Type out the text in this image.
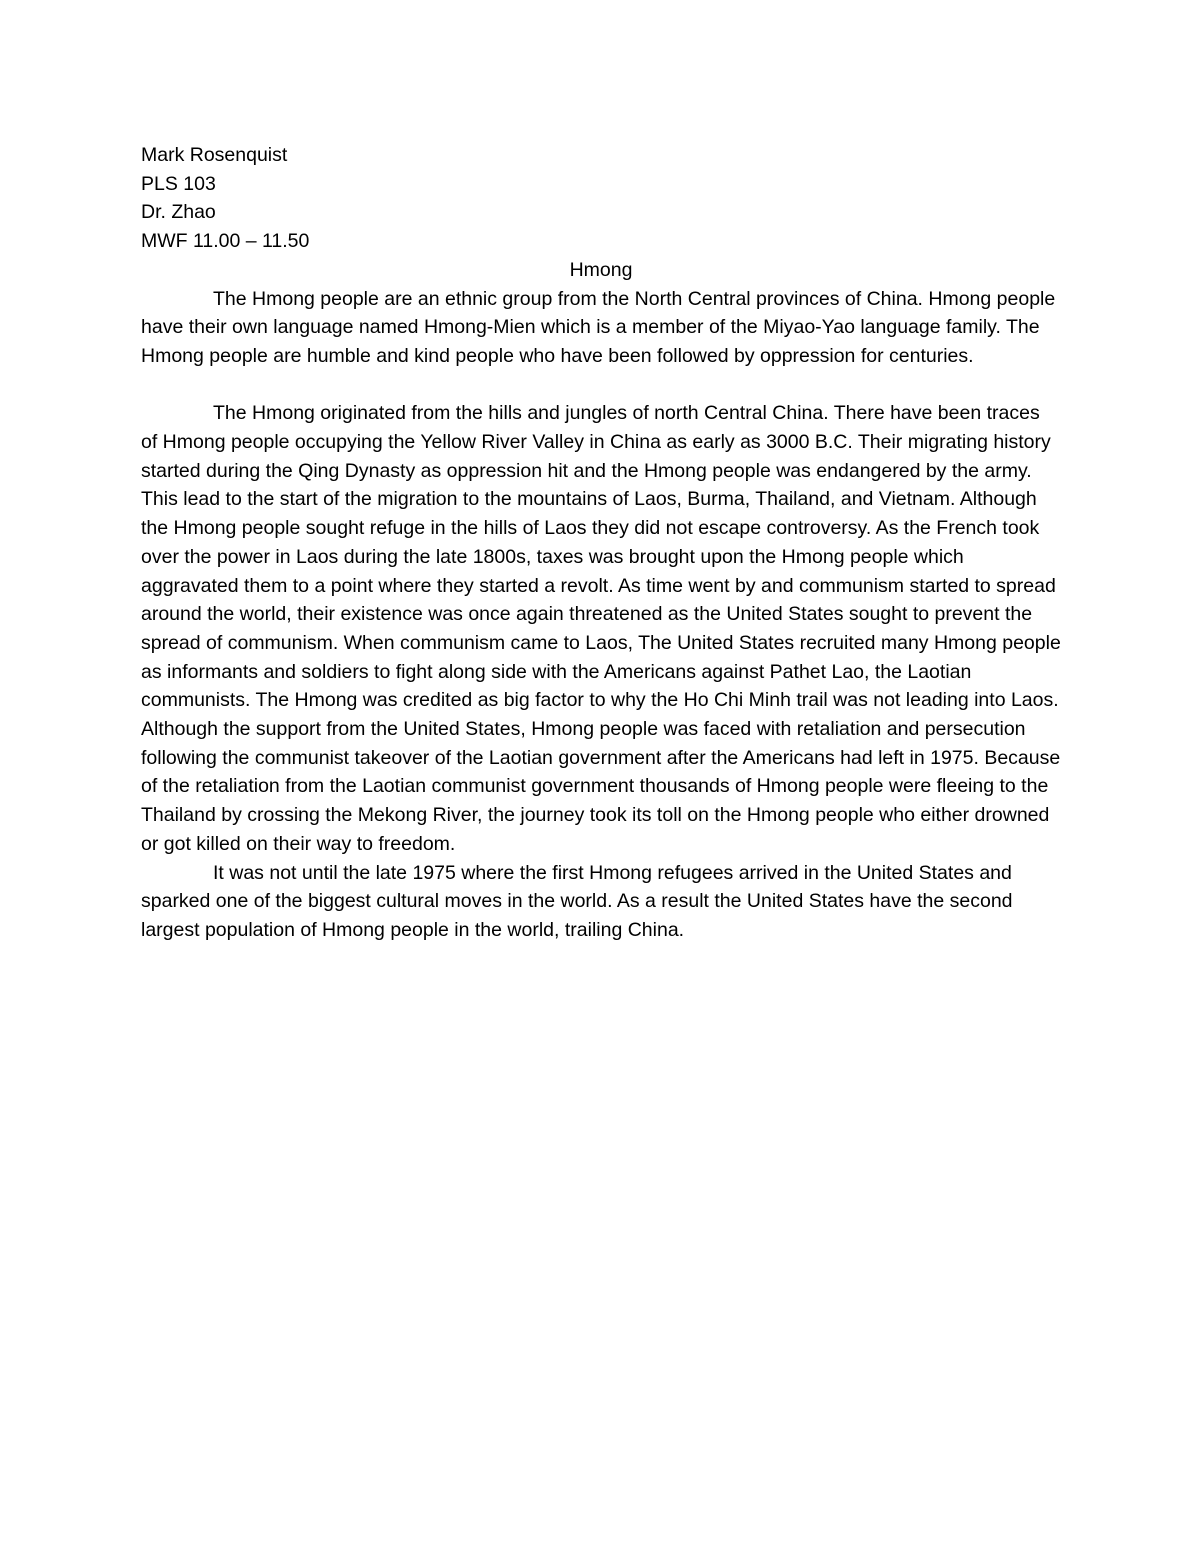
Mark Rosenquist

PLS 103

Dr. Zhao

MWF 11.00 – 11.50

Hmong

The Hmong people are an ethnic group from the North Central provinces of China. Hmong people have their own language named Hmong-Mien which is a member of the Miyao-Yao language family. The Hmong people are humble and kind people who have been followed by oppression for centuries.

The Hmong originated from the hills and jungles of north Central China. There have been traces of Hmong people occupying the Yellow River Valley in China as early as 3000 B.C. Their migrating history started during the Qing Dynasty as oppression hit and the Hmong people was endangered by the army. This lead to the start of the migration to the mountains of Laos, Burma, Thailand, and Vietnam. Although the Hmong people sought refuge in the hills of Laos they did not escape controversy. As the French took over the power in Laos during the late 1800s, taxes was brought upon the Hmong people which aggravated them to a point where they started a revolt. As time went by and communism started to spread around the world, their existence was once again threatened as the United States sought to prevent the spread of communism. When communism came to Laos, The United States recruited many Hmong people as informants and soldiers to fight along side with the Americans against Pathet Lao, the Laotian communists. The Hmong was credited as big factor to why the Ho Chi Minh trail was not leading into Laos. Although the support from the United States, Hmong people was faced with retaliation and persecution following the communist takeover of the Laotian government after the Americans had left in 1975. Because of the retaliation from the Laotian communist government thousands of Hmong people were fleeing to the Thailand by crossing the Mekong River, the journey took its toll on the Hmong people who either drowned or got killed on their way to freedom.

It was not until the late 1975 where the first Hmong refugees arrived in the United States and sparked one of the biggest cultural moves in the world. As a result the United States have the second largest population of Hmong people in the world, trailing China.
